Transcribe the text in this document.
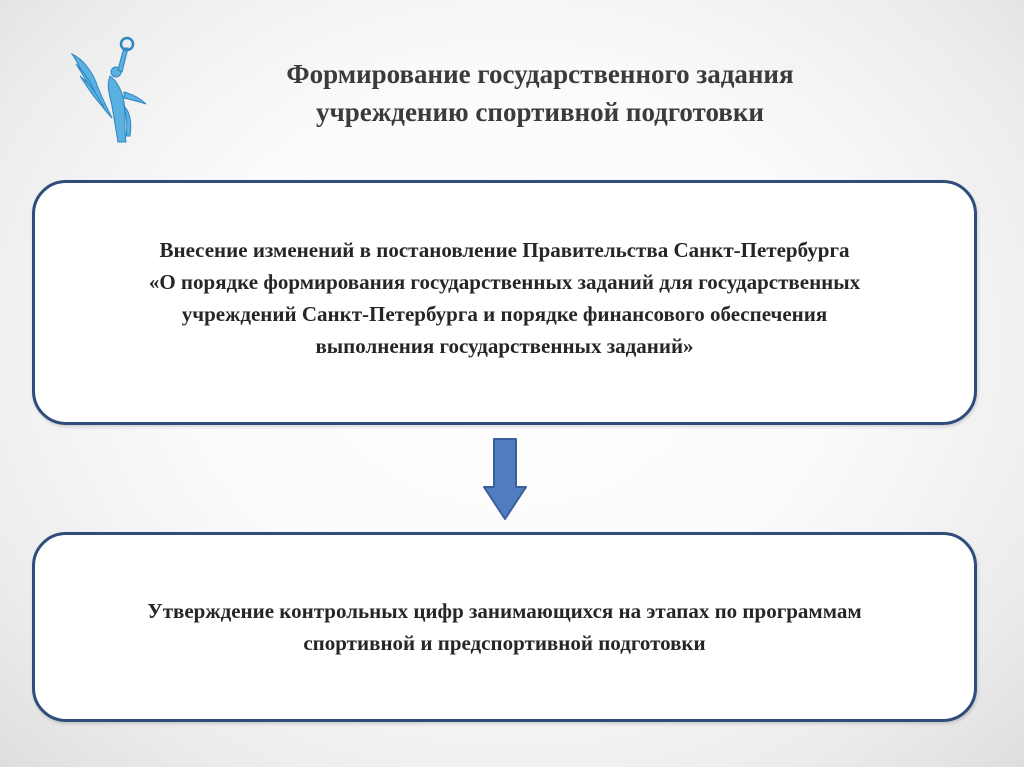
Формирование государственного задания
учреждению спортивной подготовки
Внесение изменений в постановление Правительства Санкт-Петербурга
«О порядке формирования государственных заданий для государственных
учреждений Санкт-Петербурга и порядке финансового обеспечения
выполнения государственных заданий»
Утверждение контрольных цифр занимающихся на этапах по программам
спортивной и предспортивной подготовки
